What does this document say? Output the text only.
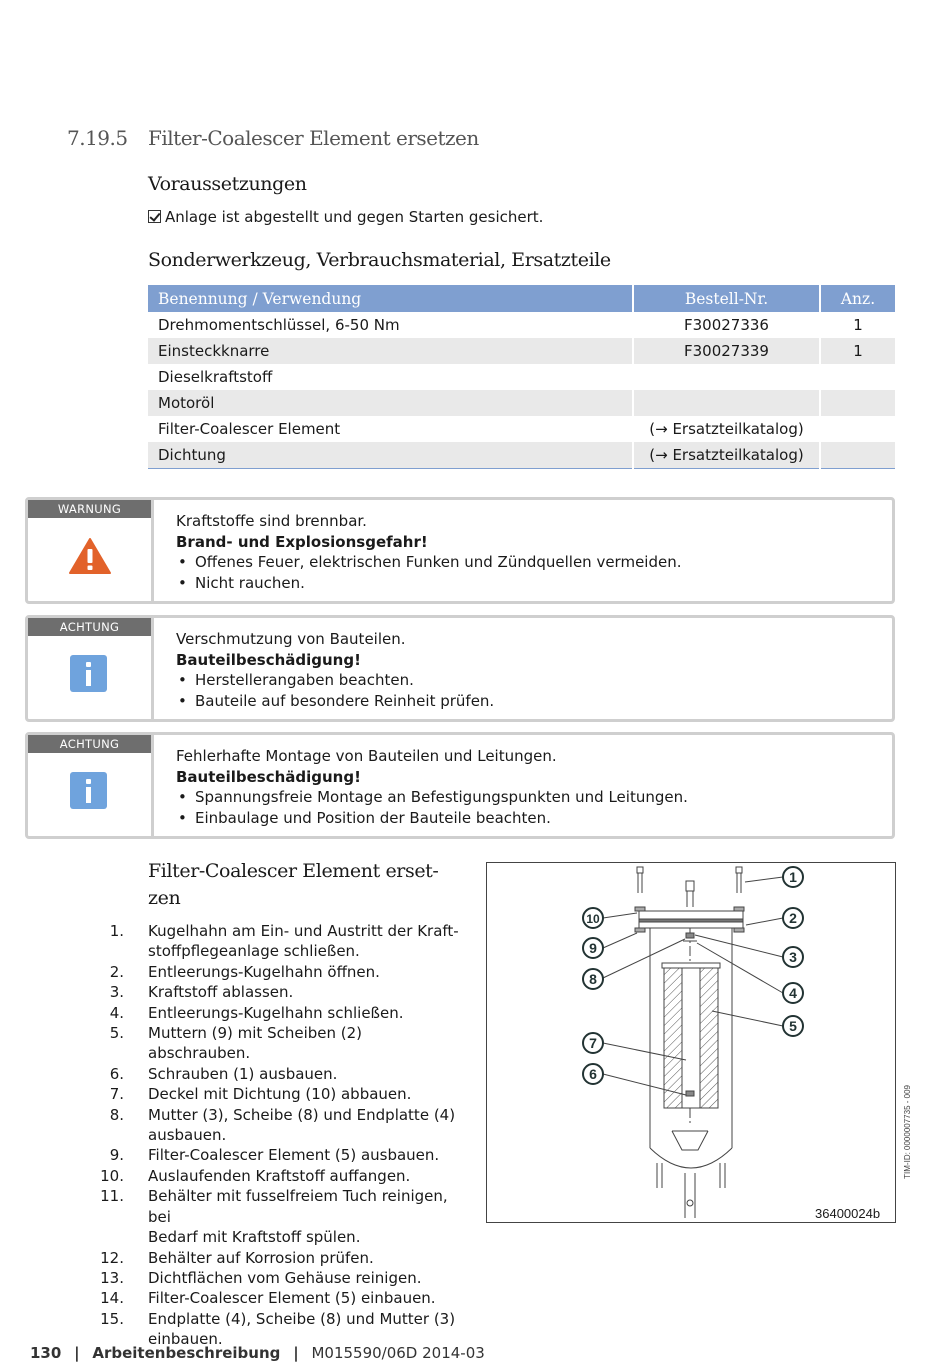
7.19.5 Filter-Coalescer Element ersetzen
Voraussetzungen
Anlage ist abgestellt und gegen Starten gesichert.
Sonderwerkzeug, Verbrauchsmaterial, Ersatzteile
Benennung / Verwendung	Bestell-Nr.	Anz.
Drehmomentschlüssel, 6-50 Nm	F30027336	1
Einsteckknarre	F30027339	1
Dieselkraftstoff		
Motoröl		
Filter-Coalescer Element	(→ Ersatzteilkatalog)	
Dichtung	(→ Ersatzteilkatalog)	
WARNUNG
Kraftstoffe sind brennbar.
Brand- und Explosionsgefahr!
• Offenes Feuer, elektrischen Funken und Zündquellen vermeiden.
• Nicht rauchen.
ACHTUNG
Verschmutzung von Bauteilen.
Bauteilbeschädigung!
• Herstellerangaben beachten.
• Bauteile auf besondere Reinheit prüfen.
ACHTUNG
Fehlerhafte Montage von Bauteilen und Leitungen.
Bauteilbeschädigung!
• Spannungsfreie Montage an Befestigungspunkten und Leitungen.
• Einbaulage und Position der Bauteile beachten.
Filter-Coalescer Element erset-
zen
1. Kugelhahn am Ein- und Austritt der Kraft-
stoffpflegeanlage schließen.
2. Entleerungs-Kugelhahn öffnen.
3. Kraftstoff ablassen.
4. Entleerungs-Kugelhahn schließen.
5. Muttern (9) mit Scheiben (2) abschrauben.
6. Schrauben (1) ausbauen.
7. Deckel mit Dichtung (10) abbauen.
8. Mutter (3), Scheibe (8) und Endplatte (4)
ausbauen.
9. Filter-Coalescer Element (5) ausbauen.
10. Auslaufenden Kraftstoff auffangen.
11. Behälter mit fusselfreiem Tuch reinigen, bei
Bedarf mit Kraftstoff spülen.
12. Behälter auf Korrosion prüfen.
13. Dichtflächen vom Gehäuse reinigen.
14. Filter-Coalescer Element (5) einbauen.
15. Endplatte (4), Scheibe (8) und Mutter (3)
einbauen.
1
2
3
4
5
10
9
8
7
6
36400024b
TIM-ID: 0000007735 - 009
130 | Arbeitenbeschreibung | M015590/06D 2014-03
